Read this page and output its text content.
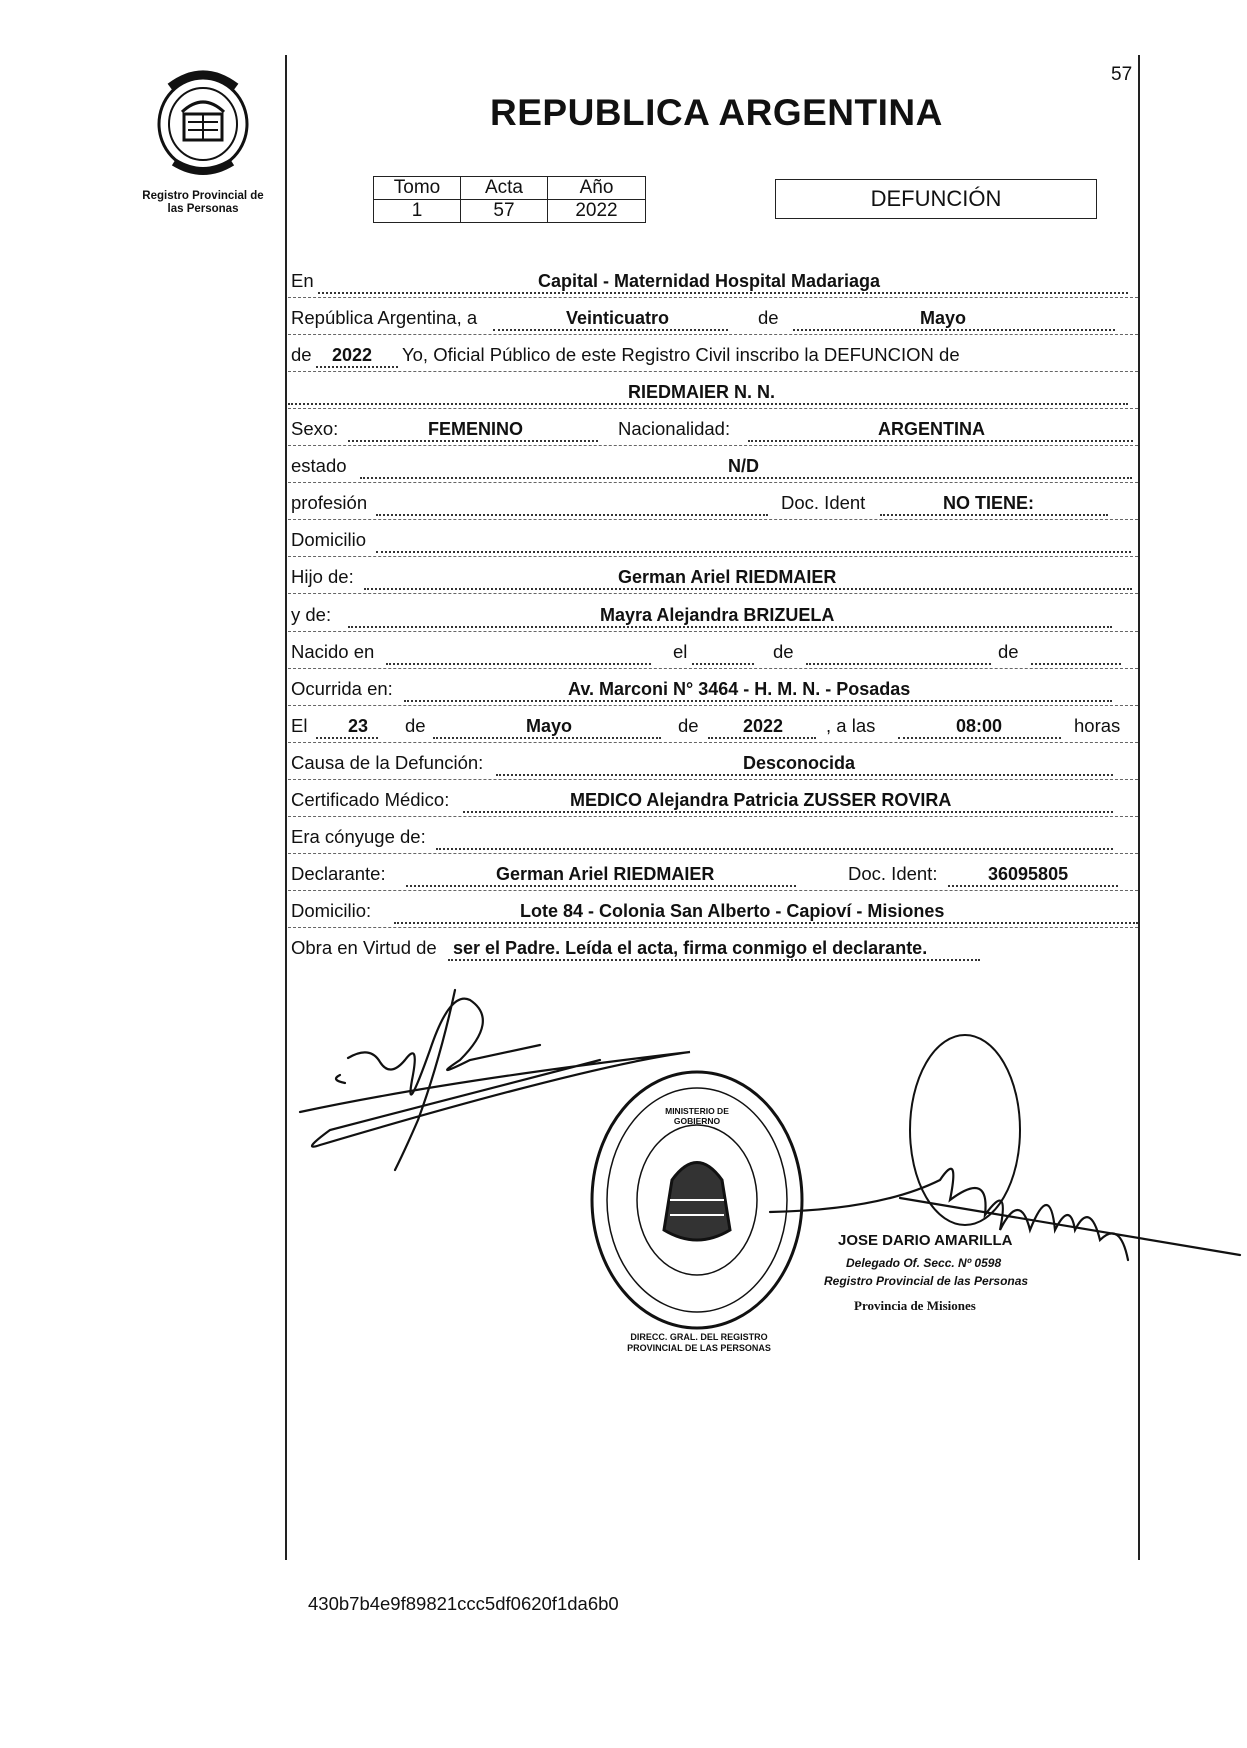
Registro Provincial de
las Personas
57
REPUBLICA ARGENTINA
Tomo	Acta	Año
1	57	2022	DEFUNCIÓN
En	Capital - Maternidad Hospital Madariaga
República Argentina, a	Veinticuatro	de	Mayo
de 2022 Yo, Oficial Público de este Registro Civil inscribo la DEFUNCION de
RIEDMAIER N. N.
Sexo:	FEMENINO	Nacionalidad:	ARGENTINA
estado	N/D
profesión	Doc. Ident	NO TIENE:
Domicilio
Hijo de:	German Ariel RIEDMAIER
y de:	Mayra Alejandra BRIZUELA
Nacido en	el	de	de
Ocurrida en:	Av. Marconi N° 3464 - H. M. N. - Posadas
El 23 de	Mayo	de 2022 , a las	08:00	horas
Causa de la Defunción:	Desconocida
Certificado Médico:	MEDICO Alejandra Patricia ZUSSER ROVIRA
Era cónyuge de:
Declarante:	German Ariel RIEDMAIER	Doc. Ident:	36095805
Domicilio:	Lote 84 - Colonia San Alberto - Capioví - Misiones
Obra en Virtud de ser el Padre. Leída el acta, firma conmigo el declarante.
DIRECC. GRAL. DEL REGISTRO PROVINCIAL DE LAS PERSONAS
MINISTERIO DE GOBIERNO
JOSE DARIO AMARILLA
Delegado Of. Secc. Nº 0598
Registro Provincial de las Personas
Provincia de Misiones
430b7b4e9f89821ccc5df0620f1da6b0
